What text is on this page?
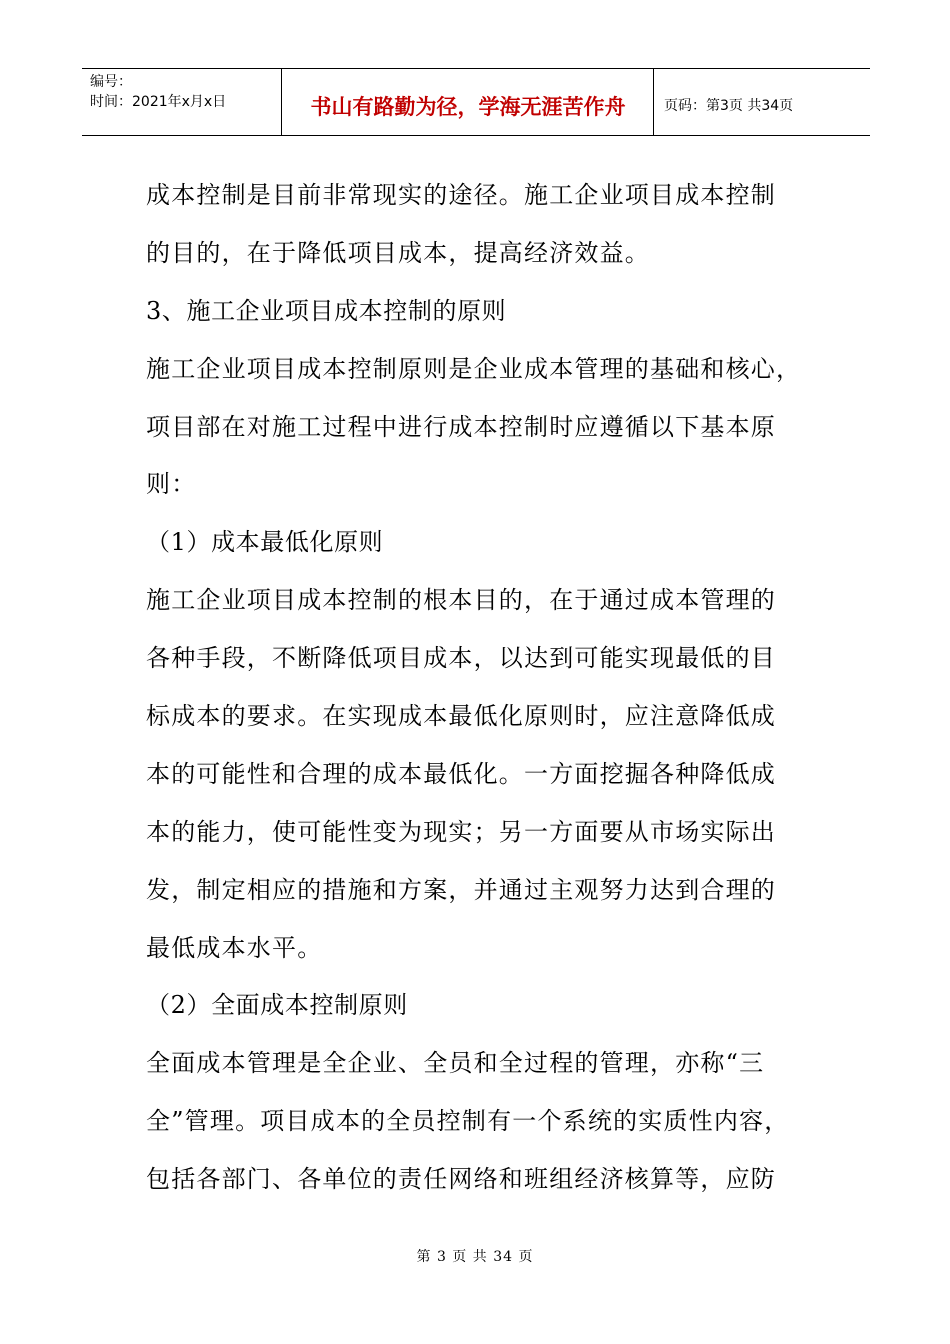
编号：
时间：2021年x月x日	书山有路勤为径，学海无涯苦作舟	页码：第3页 共34页
成本控制是目前非常现实的途径。施工企业项目成本控制
的目的，在于降低项目成本，提高经济效益。
3、施工企业项目成本控制的原则
施工企业项目成本控制原则是企业成本管理的基础和核心，
项目部在对施工过程中进行成本控制时应遵循以下基本原
则：
（1）成本最低化原则
施工企业项目成本控制的根本目的，在于通过成本管理的
各种手段，不断降低项目成本，以达到可能实现最低的目
标成本的要求。在实现成本最低化原则时，应注意降低成
本的可能性和合理的成本最低化。一方面挖掘各种降低成
本的能力，使可能性变为现实；另一方面要从市场实际出
发，制定相应的措施和方案，并通过主观努力达到合理的
最低成本水平。
（2）全面成本控制原则
全面成本管理是全企业、全员和全过程的管理，亦称“三
全”管理。项目成本的全员控制有一个系统的实质性内容，
包括各部门、各单位的责任网络和班组经济核算等，应防
第 3 页 共 34 页
